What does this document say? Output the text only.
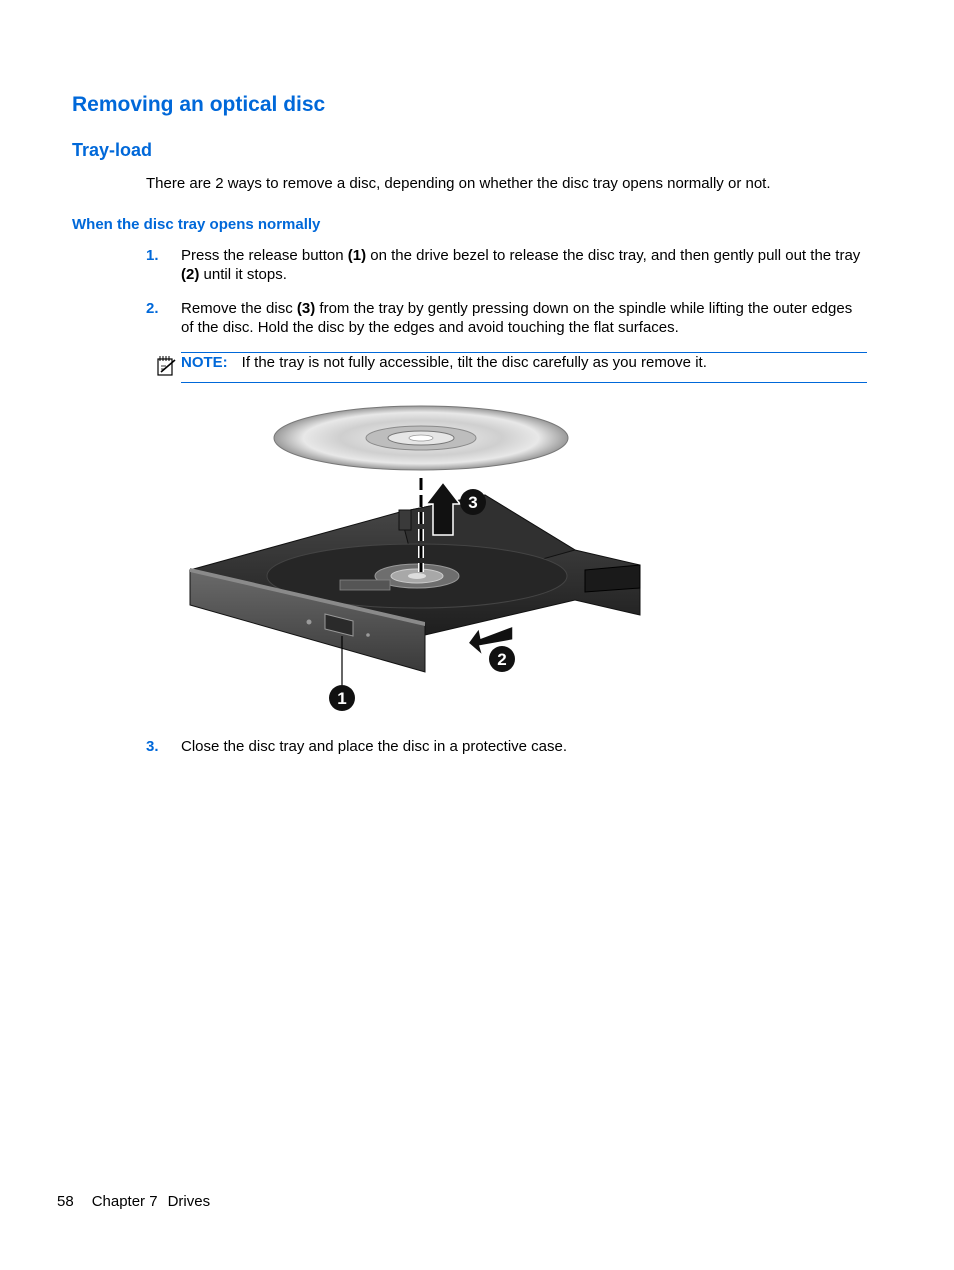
Removing an optical disc
Tray-load

There are 2 ways to remove a disc, depending on whether the disc tray opens normally or not.

When the disc tray opens normally
1. Press the release button (1) on the drive bezel to release the disc tray, and then gently pull out the tray (2) until it stops.
2. Remove the disc (3) from the tray by gently pressing down on the spindle while lifting the outer edges of the disc. Hold the disc by the edges and avoid touching the flat surfaces.
NOTE: If the tray is not fully accessible, tilt the disc carefully as you remove it.
3
2
1
3. Close the disc tray and place the disc in a protective case.
58 Chapter 7 Drives
